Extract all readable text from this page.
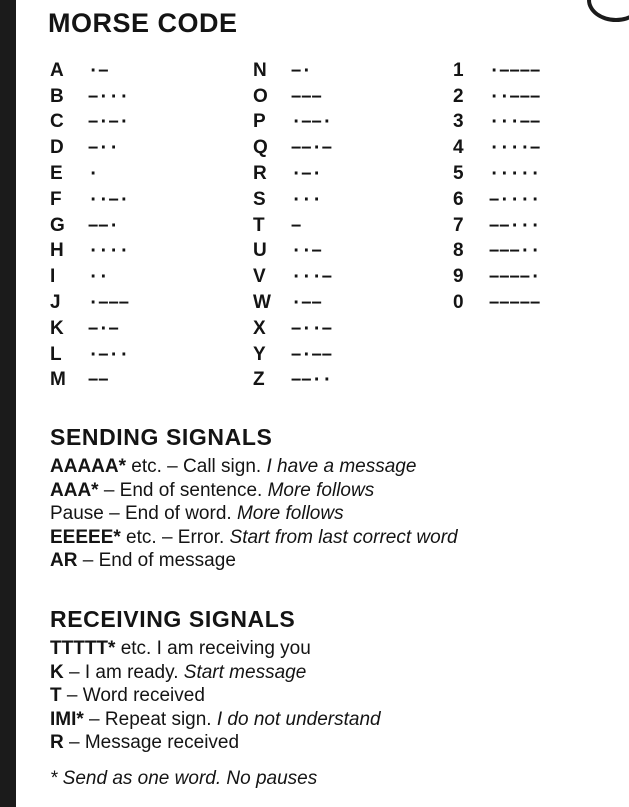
MORSE CODE
A	·−
B	−···
C	−·−·
D	−··
E	·
F	··−·
G	−−·
H	····
I	··
J	·−−−
K	−·−
L	·−··
M	−−
N	−·
O	−−−
P	·−−·
Q	−−·−
R	·−·
S	···
T	−
U	··−
V	···−
W	·−−
X	−··−
Y	−·−−
Z	−−··
1	·−−−−
2	··−−−
3	···−−
4	····−
5	·····
6	−····
7	−−···
8	−−−··
9	−−−−·
0	−−−−−
SENDING SIGNALS
AAAAA* etc. – Call sign. I have a message
AAA* – End of sentence. More follows
Pause – End of word. More follows
EEEEE* etc. – Error. Start from last correct word
AR – End of message
RECEIVING SIGNALS
TTTTT* etc. I am receiving you
K – I am ready. Start message
T – Word received
IMI* – Repeat sign. I do not understand
R – Message received
* Send as one word. No pauses
